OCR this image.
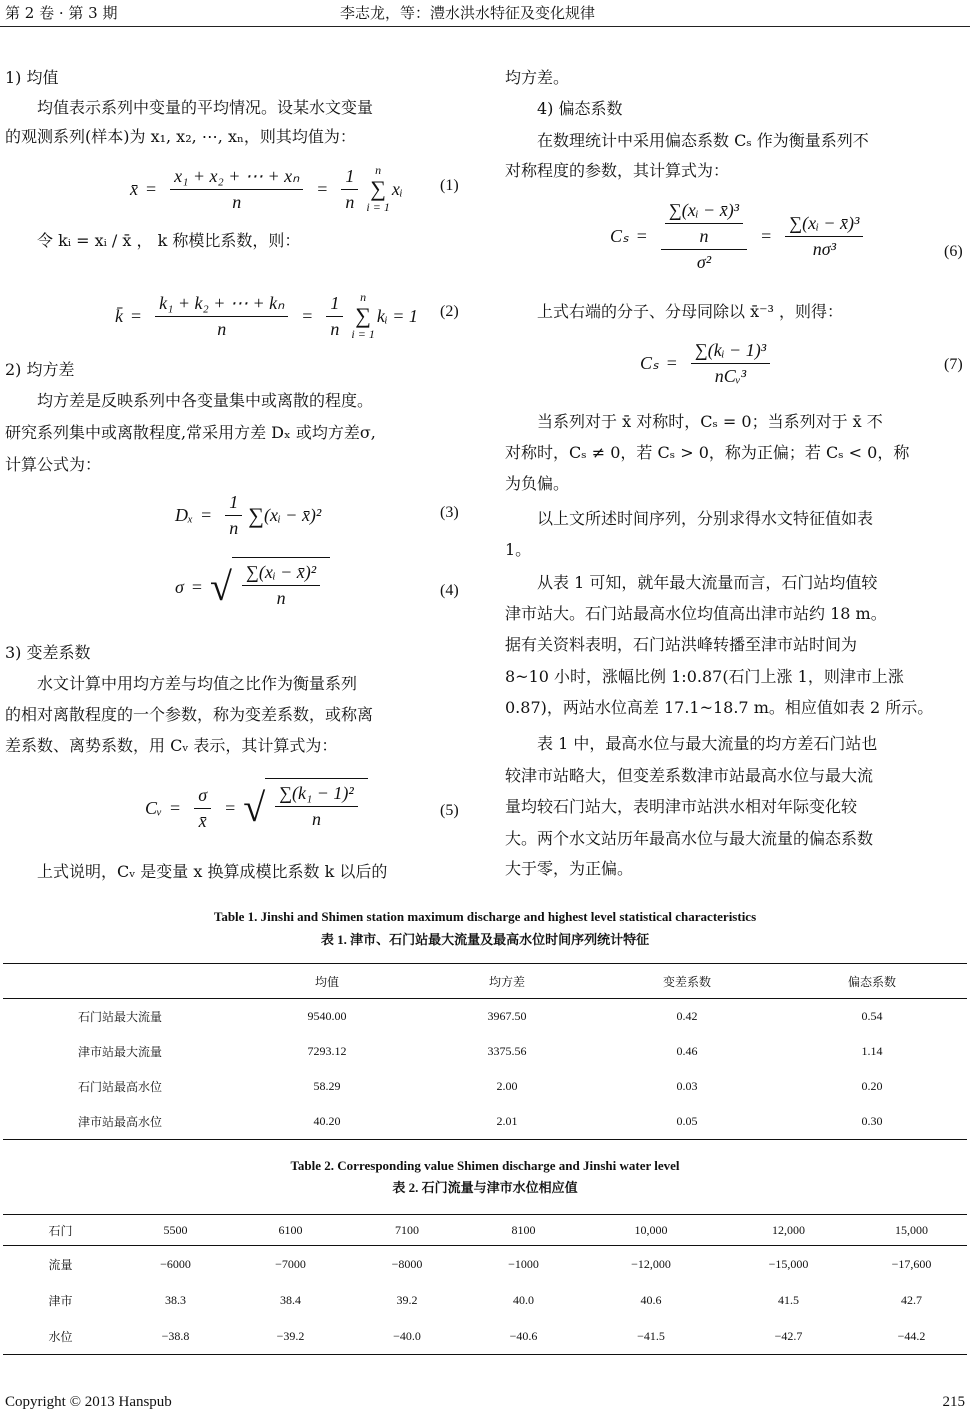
第 2 卷 · 第 3 期	李志龙，等：澧水洪水特征及变化规律
1) 均值
均值表示系列中变量的平均情况。设某水文变量
的观测系列(样本)为 x₁, x₂, ⋯, xₙ，则其均值为：
令 kᵢ = xᵢ / x̄ ， k 称模比系数，则：
2) 均方差
均方差是反映系列中各变量集中或离散的程度。
研究系列集中或离散程度,常采用方差 Dₓ 或均方差σ,
计算公式为：
3) 变差系数
水文计算中用均方差与均值之比作为衡量系列
的相对离散程度的一个参数，称为变差系数，或称离
差系数、离势系数，用 Cᵥ 表示，其计算式为：
上式说明，Cᵥ 是变量 x 换算成模比系数 k 以后的
均方差。
4) 偏态系数
在数理统计中采用偏态系数 Cₛ 作为衡量系列不
对称程度的参数，其计算式为：
上式右端的分子、分母同除以 x̄⁻³ ，则得：
当系列对于 x̄ 对称时，Cₛ = 0；当系列对于 x̄ 不
对称时，Cₛ ≠ 0，若 Cₛ > 0，称为正偏；若 Cₛ < 0，称
为负偏。
以上文所述时间序列，分别求得水文特征值如表
1。
从表 1 可知，就年最大流量而言，石门站均值较
津市站大。石门站最高水位均值高出津市站约 18 m。
据有关资料表明，石门站洪峰转播至津市站时间为
8~10 小时，涨幅比例 1:0.87(石门上涨 1，则津市上涨
0.87)，两站水位高差 17.1~18.7 m。相应值如表 2 所示。
表 1 中，最高水位与最大流量的均方差石门站也
较津市站略大，但变差系数津市站最高水位与最大流
量均较石门站大，表明津市站洪水相对年际变化较
大。两个水文站历年最高水位与最大流量的偏态系数
大于零，为正偏。
x̄ = $\frac{\text{x₁ + x₂ + ⋯ + xₙ}}{n} = \frac{1}{n}$ n
∑
i = 1
xᵢ (1)
k̄ = $\frac{\text{k₁ + k₂ + ⋯ + kₙ}}{n} = \frac{1}{n}$ n
∑
i = 1
kᵢ = 1 (2)
$D_x = \frac{1}{n}$ ∑ (xᵢ − x̄)²	(3)
σ = √ $\frac{\text{∑(xᵢ − x̄)²}}{n}$	(4)
Cᵥ = $\frac{\sigma}{x̄}$ = √ $\frac{\text{∑(k₁ − 1)²}}{n}$	(5)
$C_s = \frac{\frac{\text{∑(xᵢ − x̄)³}}{n}}{\text{σ²}} = \frac{\text{∑(xᵢ − x̄)³}}{\text{nσ³}}$	(6)
$C_s = \frac{\text{∑(kᵢ − 1)³}}{\text{nCᵥ³}}$	(7)
Table 1. Jinshi and Shimen station maximum discharge and highest level statistical characteristics
表 1. 津市、石门站最大流量及最高水位时间序列统计特征
	均值	均方差	变差系数	偏态系数
石门站最大流量	9540.00	3967.50	0.42	0.54
津市站最大流量	7293.12	3375.56	0.46	1.14
石门站最高水位	58.29	2.00	0.03	0.20
津市站最高水位	40.20	2.01	0.05	0.30
Table 2. Corresponding value Shimen discharge and Jinshi water level
表 2. 石门流量与津市水位相应值
石门	5500	6100	7100	8100	10,000	12,000	15,000
流量	−6000	−7000	−8000	−1000	−12,000	−15,000	−17,600
津市	38.3	38.4	39.2	40.0	40.6	41.5	42.7
水位	−38.8	−39.2	−40.0	−40.6	−41.5	−42.7	−44.2
Copyright © 2013 Hanspub	215
